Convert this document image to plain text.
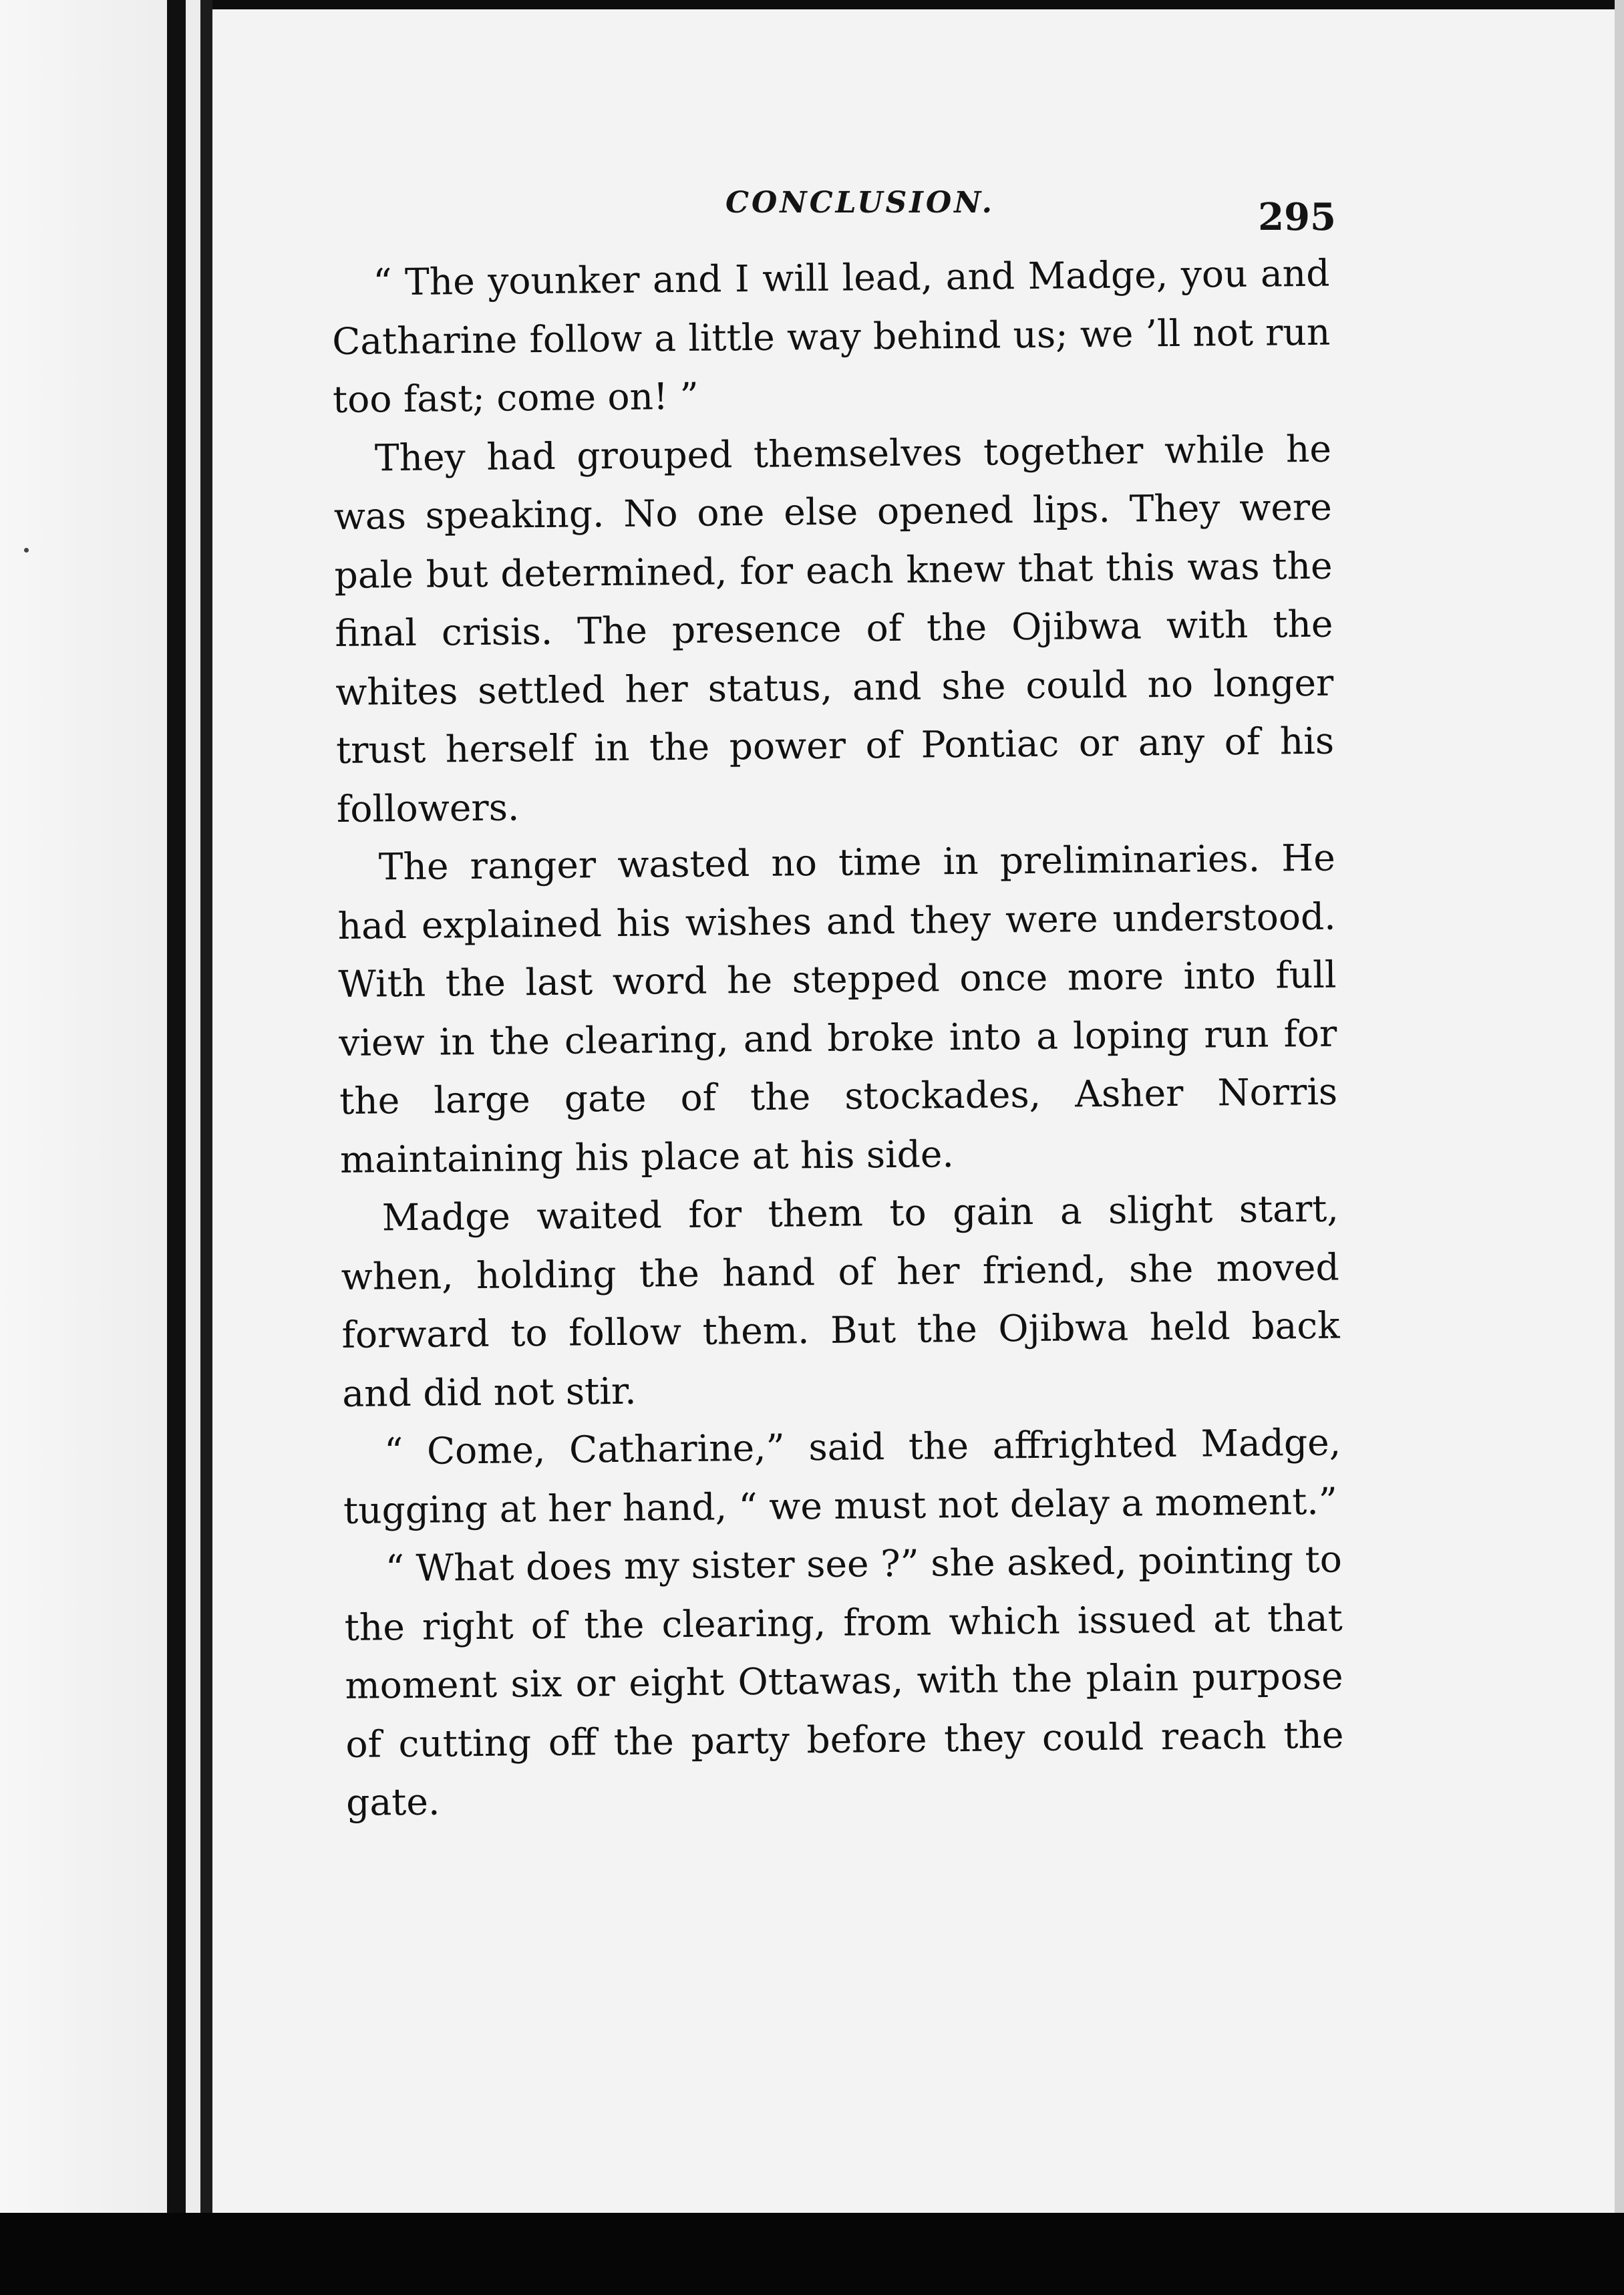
CONCLUSION.	295

“ The younker and I will lead, and Madge, you and Catharine follow a little way behind us; we ’ll not run too fast; come on! ”

They had grouped themselves together while he was speaking. No one else opened lips. They were pale but determined, for each knew that this was the final crisis. The presence of the Ojibwa with the whites settled her status, and she could no longer trust herself in the power of Pontiac or any of his followers.

The ranger wasted no time in preliminaries. He had explained his wishes and they were understood. With the last word he stepped once more into full view in the clearing, and broke into a loping run for the large gate of the stockades, Asher Norris maintaining his place at his side.

Madge waited for them to gain a slight start, when, holding the hand of her friend, she moved forward to follow them. But the Ojibwa held back and did not stir.

“ Come, Catharine,” said the affrighted Madge, tugging at her hand, “ we must not delay a moment.”

“ What does my sister see ?” she asked, pointing to the right of the clearing, from which issued at that moment six or eight Ottawas, with the plain purpose of cutting off the party before they could reach the gate.
